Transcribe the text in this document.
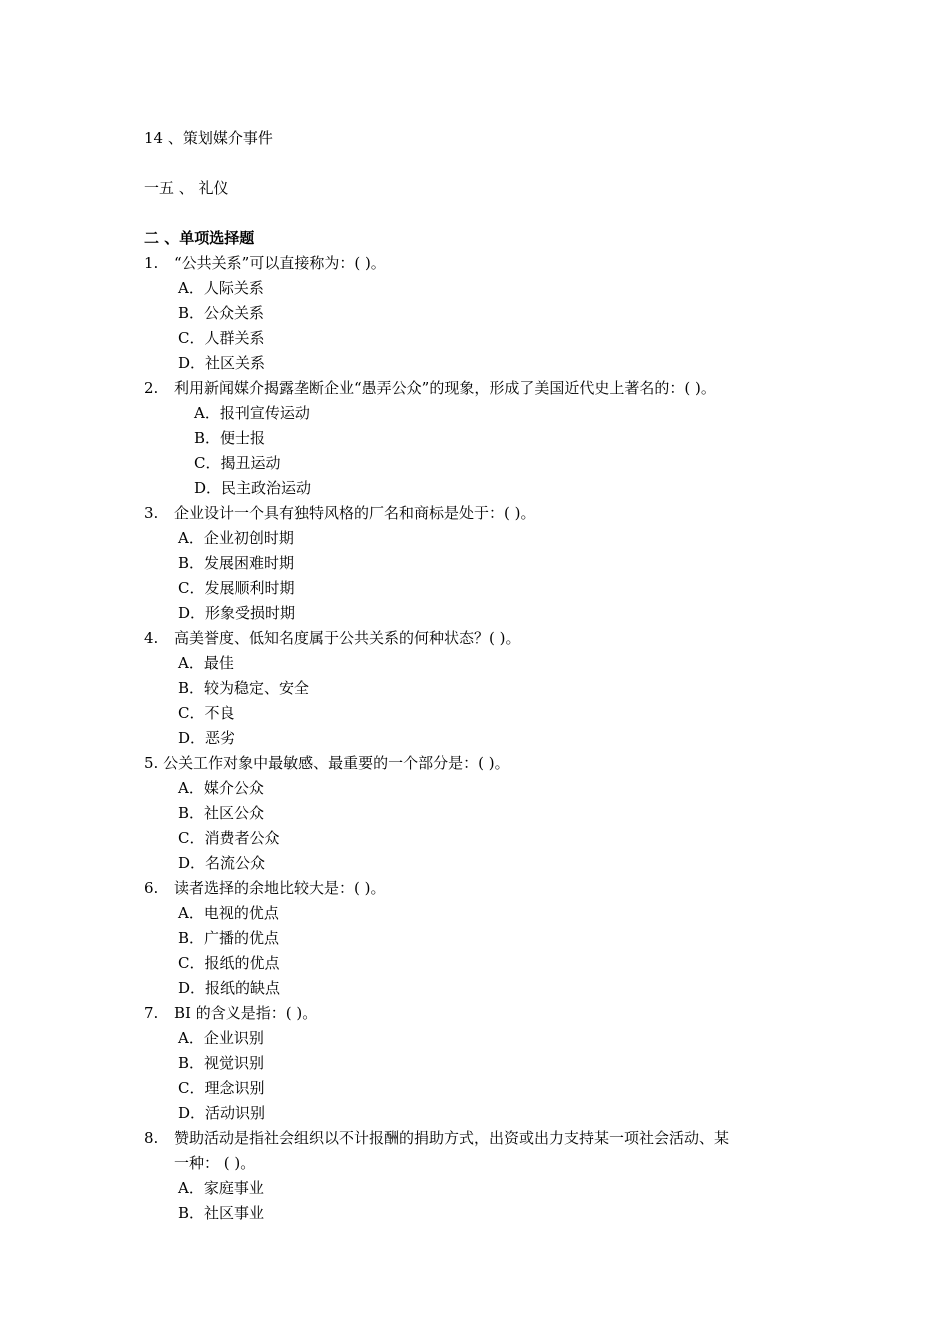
14 、策划媒介事件
一五 、 礼仪
二 、单项选择题
1. “公共关系”可以直接称为：( )。
A．人际关系
B．公众关系
C．人群关系
D．社区关系
2. 利用新闻媒介揭露垄断企业“愚弄公众”的现象，形成了美国近代史上著名的：( )。
A．报刊宣传运动
B．便士报
C．揭丑运动
D．民主政治运动
3. 企业设计一个具有独特风格的厂名和商标是处于：( )。
A．企业初创时期
B．发展困难时期
C．发展顺利时期
D．形象受损时期
4. 高美誉度、低知名度属于公共关系的何种状态？( )。
A．最佳
B．较为稳定、安全
C．不良
D．恶劣
5. 公关工作对象中最敏感、最重要的一个部分是：( )。
A．媒介公众
B．社区公众
C．消费者公众
D．名流公众
6. 读者选择的余地比较大是：( )。
A．电视的优点
B．广播的优点
C．报纸的优点
D．报纸的缺点
7. BI 的含义是指：( )。
A．企业识别
B．视觉识别
C．理念识别
D．活动识别
8. 赞助活动是指社会组织以不计报酬的捐助方式，出资或出力支持某一项社会活动、某
一种： ( )。
A．家庭事业
B．社区事业
